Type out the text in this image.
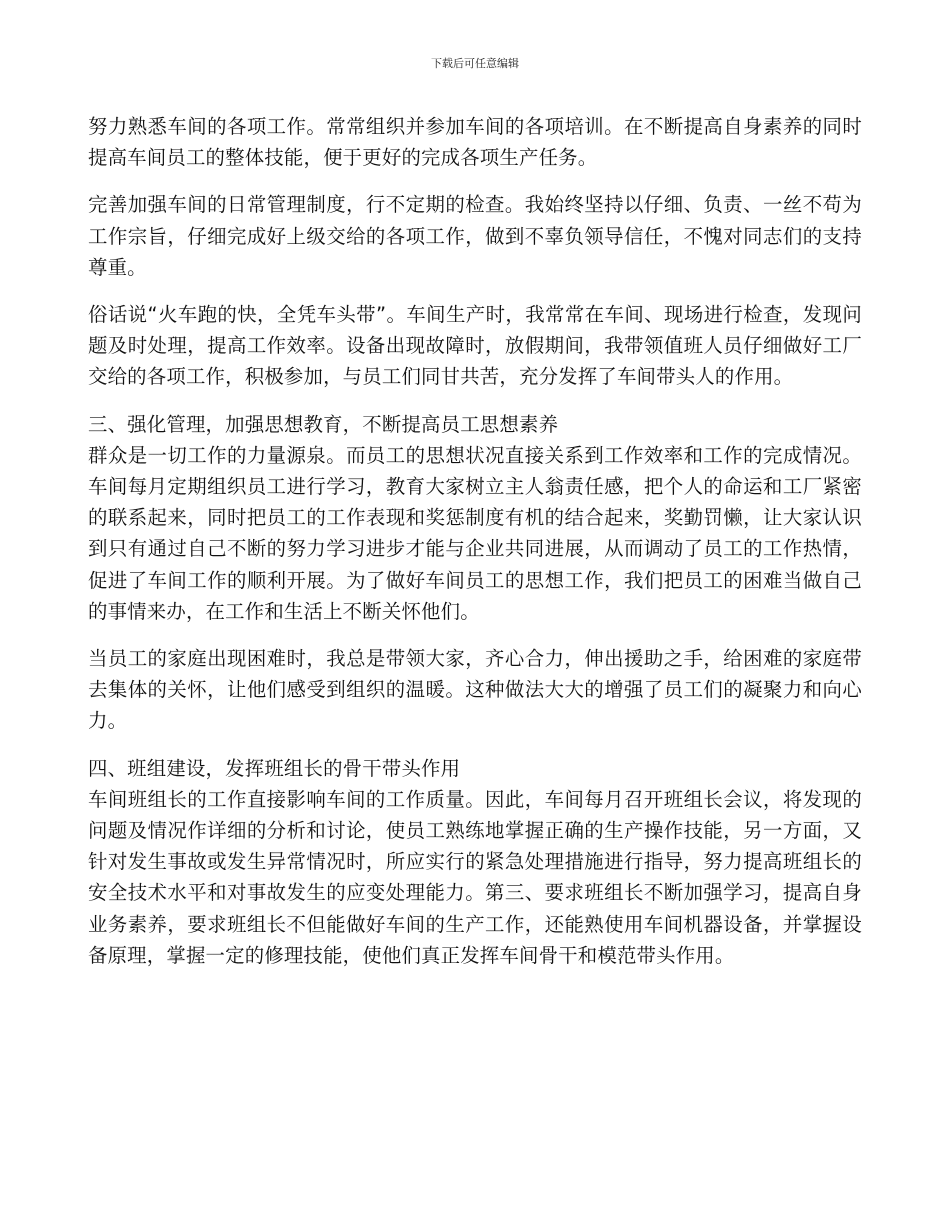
下载后可任意编辑

努力熟悉车间的各项工作。常常组织并参加车间的各项培训。在不断提高自身素养的同时提高车间员工的整体技能，便于更好的完成各项生产任务。

完善加强车间的日常管理制度，行不定期的检查。我始终坚持以仔细、负责、一丝不苟为工作宗旨，仔细完成好上级交给的各项工作，做到不辜负领导信任，不愧对同志们的支持尊重。

俗话说“火车跑的快，全凭车头带”。车间生产时，我常常在车间、现场进行检查，发现问题及时处理，提高工作效率。设备出现故障时，放假期间，我带领值班人员仔细做好工厂交给的各项工作，积极参加，与员工们同甘共苦，充分发挥了车间带头人的作用。

三、强化管理，加强思想教育，不断提高员工思想素养

群众是一切工作的力量源泉。而员工的思想状况直接关系到工作效率和工作的完成情况。车间每月定期组织员工进行学习，教育大家树立主人翁责任感，把个人的命运和工厂紧密的联系起来，同时把员工的工作表现和奖惩制度有机的结合起来，奖勤罚懒，让大家认识到只有通过自己不断的努力学习进步才能与企业共同进展，从而调动了员工的工作热情，促进了车间工作的顺利开展。为了做好车间员工的思想工作，我们把员工的困难当做自己的事情来办，在工作和生活上不断关怀他们。

当员工的家庭出现困难时，我总是带领大家，齐心合力，伸出援助之手，给困难的家庭带去集体的关怀，让他们感受到组织的温暖。这种做法大大的增强了员工们的凝聚力和向心力。

四、班组建设，发挥班组长的骨干带头作用

车间班组长的工作直接影响车间的工作质量。因此，车间每月召开班组长会议，将发现的问题及情况作详细的分析和讨论，使员工熟练地掌握正确的生产操作技能，另一方面，又针对发生事故或发生异常情况时，所应实行的紧急处理措施进行指导，努力提高班组长的安全技术水平和对事故发生的应变处理能力。第三、要求班组长不断加强学习，提高自身业务素养，要求班组长不但能做好车间的生产工作，还能熟使用车间机器设备，并掌握设备原理，掌握一定的修理技能，使他们真正发挥车间骨干和模范带头作用。
